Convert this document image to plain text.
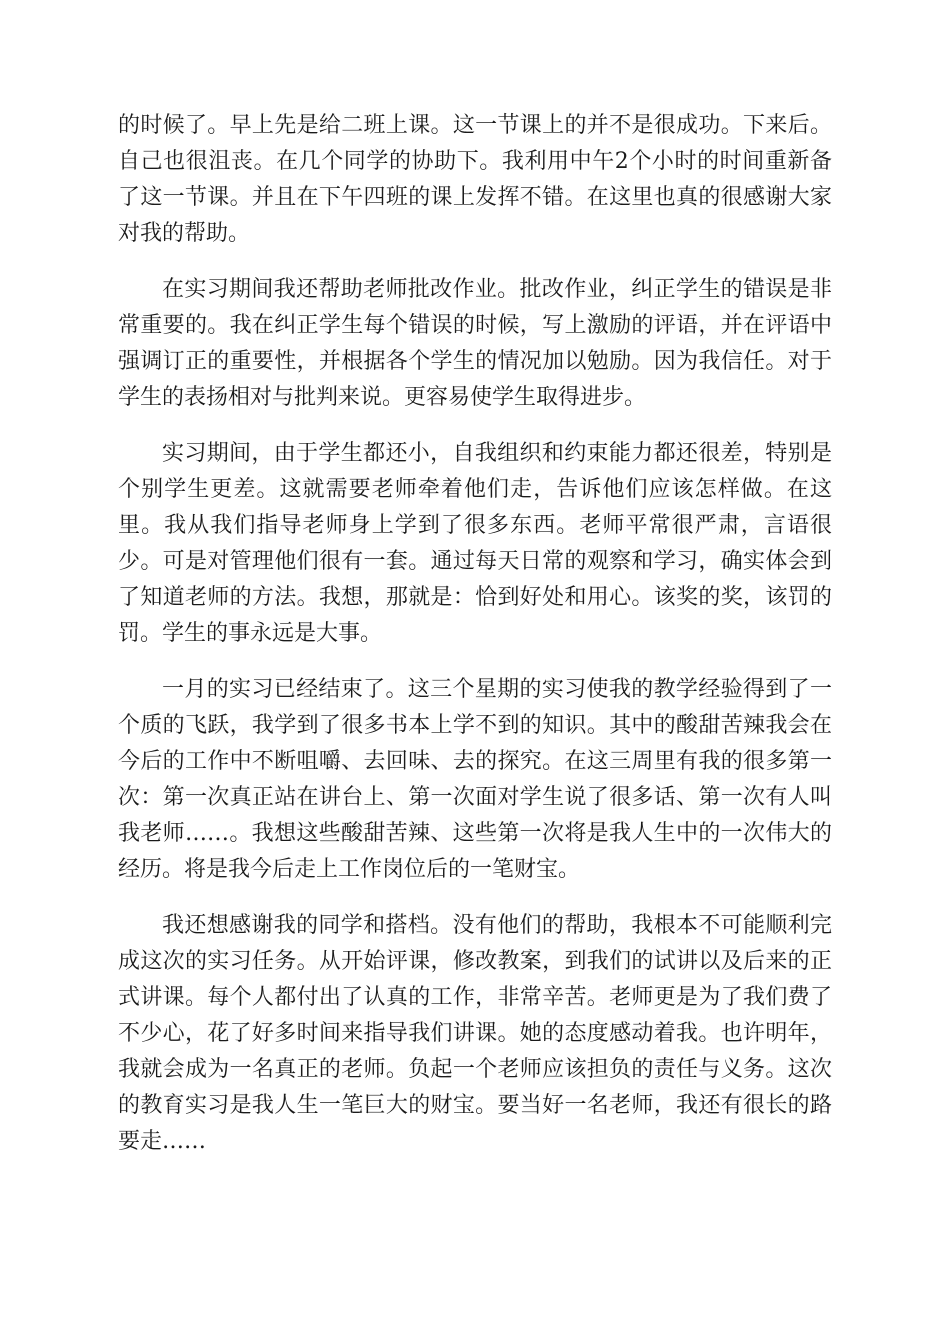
的时候了。早上先是给二班上课。这一节课上的并不是很成功。下来后。自己也很沮丧。在几个同学的协助下。我利用中午2个小时的时间重新备了这一节课。并且在下午四班的课上发挥不错。在这里也真的很感谢大家对我的帮助。

在实习期间我还帮助老师批改作业。批改作业，纠正学生的错误是非常重要的。我在纠正学生每个错误的时候，写上激励的评语，并在评语中强调订正的重要性，并根据各个学生的情况加以勉励。因为我信任。对于学生的表扬相对与批判来说。更容易使学生取得进步。

实习期间，由于学生都还小，自我组织和约束能力都还很差，特别是个别学生更差。这就需要老师牵着他们走，告诉他们应该怎样做。在这里。我从我们指导老师身上学到了很多东西。老师平常很严肃，言语很少。可是对管理他们很有一套。通过每天日常的观察和学习，确实体会到了知道老师的方法。我想，那就是：恰到好处和用心。该奖的奖，该罚的罚。学生的事永远是大事。

一月的实习已经结束了。这三个星期的实习使我的教学经验得到了一个质的飞跃，我学到了很多书本上学不到的知识。其中的酸甜苦辣我会在今后的工作中不断咀嚼、去回味、去的探究。在这三周里有我的很多第一次：第一次真正站在讲台上、第一次面对学生说了很多话、第一次有人叫我老师……。我想这些酸甜苦辣、这些第一次将是我人生中的一次伟大的经历。将是我今后走上工作岗位后的一笔财宝。

我还想感谢我的同学和搭档。没有他们的帮助，我根本不可能顺利完成这次的实习任务。从开始评课，修改教案，到我们的试讲以及后来的正式讲课。每个人都付出了认真的工作，非常辛苦。老师更是为了我们费了不少心，花了好多时间来指导我们讲课。她的态度感动着我。也许明年，我就会成为一名真正的老师。负起一个老师应该担负的责任与义务。这次的教育实习是我人生一笔巨大的财宝。要当好一名老师，我还有很长的路要走……
